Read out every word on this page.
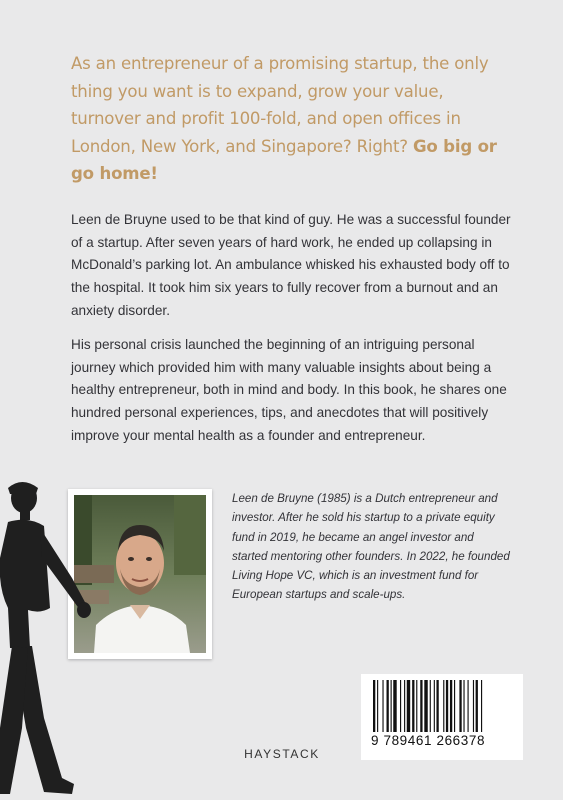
As an entrepreneur of a promising startup, the only thing you want is to expand, grow your value, turnover and profit 100-fold, and open offices in London, New York, and Singapore? Right? Go big or go home!

Leen de Bruyne used to be that kind of guy. He was a successful founder of a startup. After seven years of hard work, he ended up collapsing in McDonald’s parking lot. An ambulance whisked his exhausted body off to the hospital. It took him six years to fully recover from a burnout and an anxiety disorder.

His personal crisis launched the beginning of an intriguing personal journey which provided him with many valuable insights about being a healthy entrepreneur, both in mind and body. In this book, he shares one hundred personal experiences, tips, and anecdotes that will positively improve your mental health as a founder and entrepreneur.

Leen de Bruyne (1985) is a Dutch entrepreneur and investor. After he sold his startup to a private equity fund in 2019, he became an angel investor and started mentoring other founders. In 2022, he founded Living Hope VC, which is an investment fund for European startups and scale-ups.

9 789461 266378
HAYSTACK
